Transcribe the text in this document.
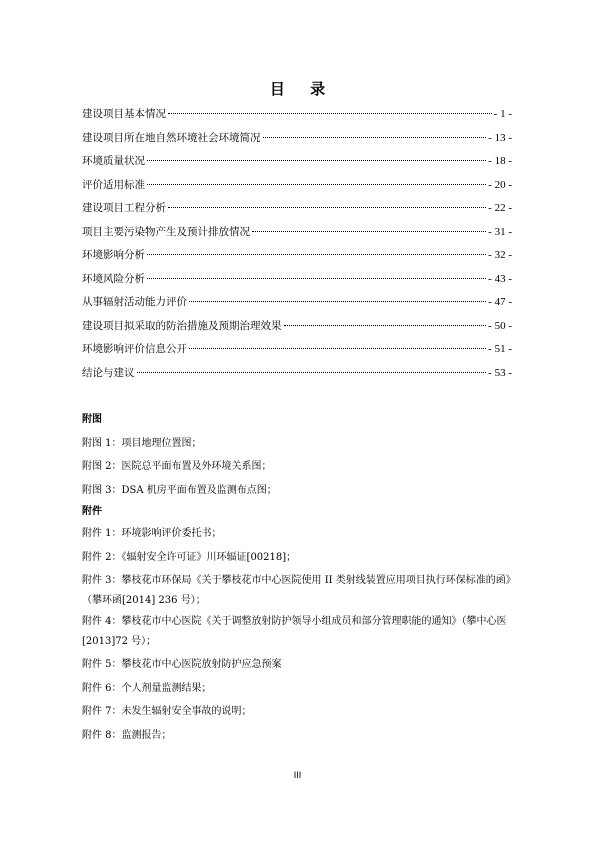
目 录
建设项目基本情况	- 1 -
建设项目所在地自然环境社会环境简况	- 13 -
环境质量状况	- 18 -
评价适用标准	- 20 -
建设项目工程分析	- 22 -
项目主要污染物产生及预计排放情况	- 31 -
环境影响分析	- 32 -
环境风险分析	- 43 -
从事辐射活动能力评价	- 47 -
建设项目拟采取的防治措施及预期治理效果	- 50 -
环境影响评价信息公开	- 51 -
结论与建议	- 53 -
附图
附图 1：项目地理位置图；
附图 2：医院总平面布置及外环境关系图；
附图 3：DSA 机房平面布置及监测布点图；
附件
附件 1：环境影响评价委托书；
附件 2：《辐射安全许可证》川环辐证[00218]；
附件 3：攀枝花市环保局《关于攀枝花市中心医院使用 II 类射线装置应用项目执行环保标准的函》（攀环函[2014] 236 号）；
附件 4：攀枝花市中心医院《关于调整放射防护领导小组成员和部分管理职能的通知》（攀中心医[2013]72 号）；
附件 5：攀枝花市中心医院放射防护应急预案
附件 6：个人剂量监测结果；
附件 7：未发生辐射安全事故的说明；
附件 8：监测报告；
III
